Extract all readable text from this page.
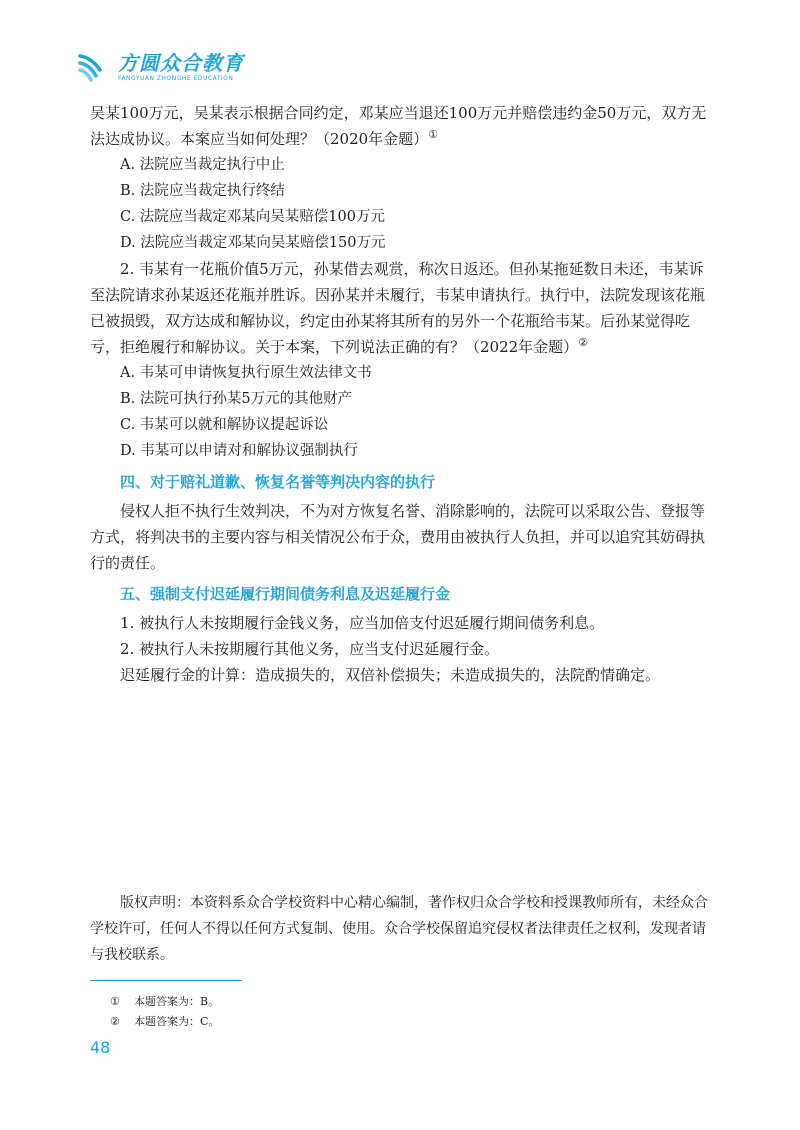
方圆众合教育
FANGYUAN ZHONGHE EDUCATION

吴某100万元，吴某表示根据合同约定，邓某应当退还100万元并赔偿违约金50万元，双方无法达成协议。本案应当如何处理？（2020年金题）①

A. 法院应当裁定执行中止

B. 法院应当裁定执行终结

C. 法院应当裁定邓某向吴某赔偿100万元

D. 法院应当裁定邓某向吴某赔偿150万元

2. 韦某有一花瓶价值5万元，孙某借去观赏，称次日返还。但孙某拖延数日未还，韦某诉至法院请求孙某返还花瓶并胜诉。因孙某并未履行，韦某申请执行。执行中，法院发现该花瓶已被损毁，双方达成和解协议，约定由孙某将其所有的另外一个花瓶给韦某。后孙某觉得吃亏，拒绝履行和解协议。关于本案，下列说法正确的有？（2022年金题）②

A. 韦某可申请恢复执行原生效法律文书

B. 法院可执行孙某5万元的其他财产

C. 韦某可以就和解协议提起诉讼

D. 韦某可以申请对和解协议强制执行

四、对于赔礼道歉、恢复名誉等判决内容的执行

侵权人拒不执行生效判决，不为对方恢复名誉、消除影响的，法院可以采取公告、登报等方式，将判决书的主要内容与相关情况公布于众，费用由被执行人负担，并可以追究其妨碍执行的责任。

五、强制支付迟延履行期间债务利息及迟延履行金

1. 被执行人未按期履行金钱义务，应当加倍支付迟延履行期间债务利息。

2. 被执行人未按期履行其他义务，应当支付迟延履行金。

迟延履行金的计算：造成损失的，双倍补偿损失；未造成损失的，法院酌情确定。

版权声明：本资料系众合学校资料中心精心编制，著作权归众合学校和授课教师所有，未经众合学校许可，任何人不得以任何方式复制、使用。众合学校保留追究侵权者法律责任之权利，发现者请与我校联系。

① 本题答案为：B。

② 本题答案为：C。

48
